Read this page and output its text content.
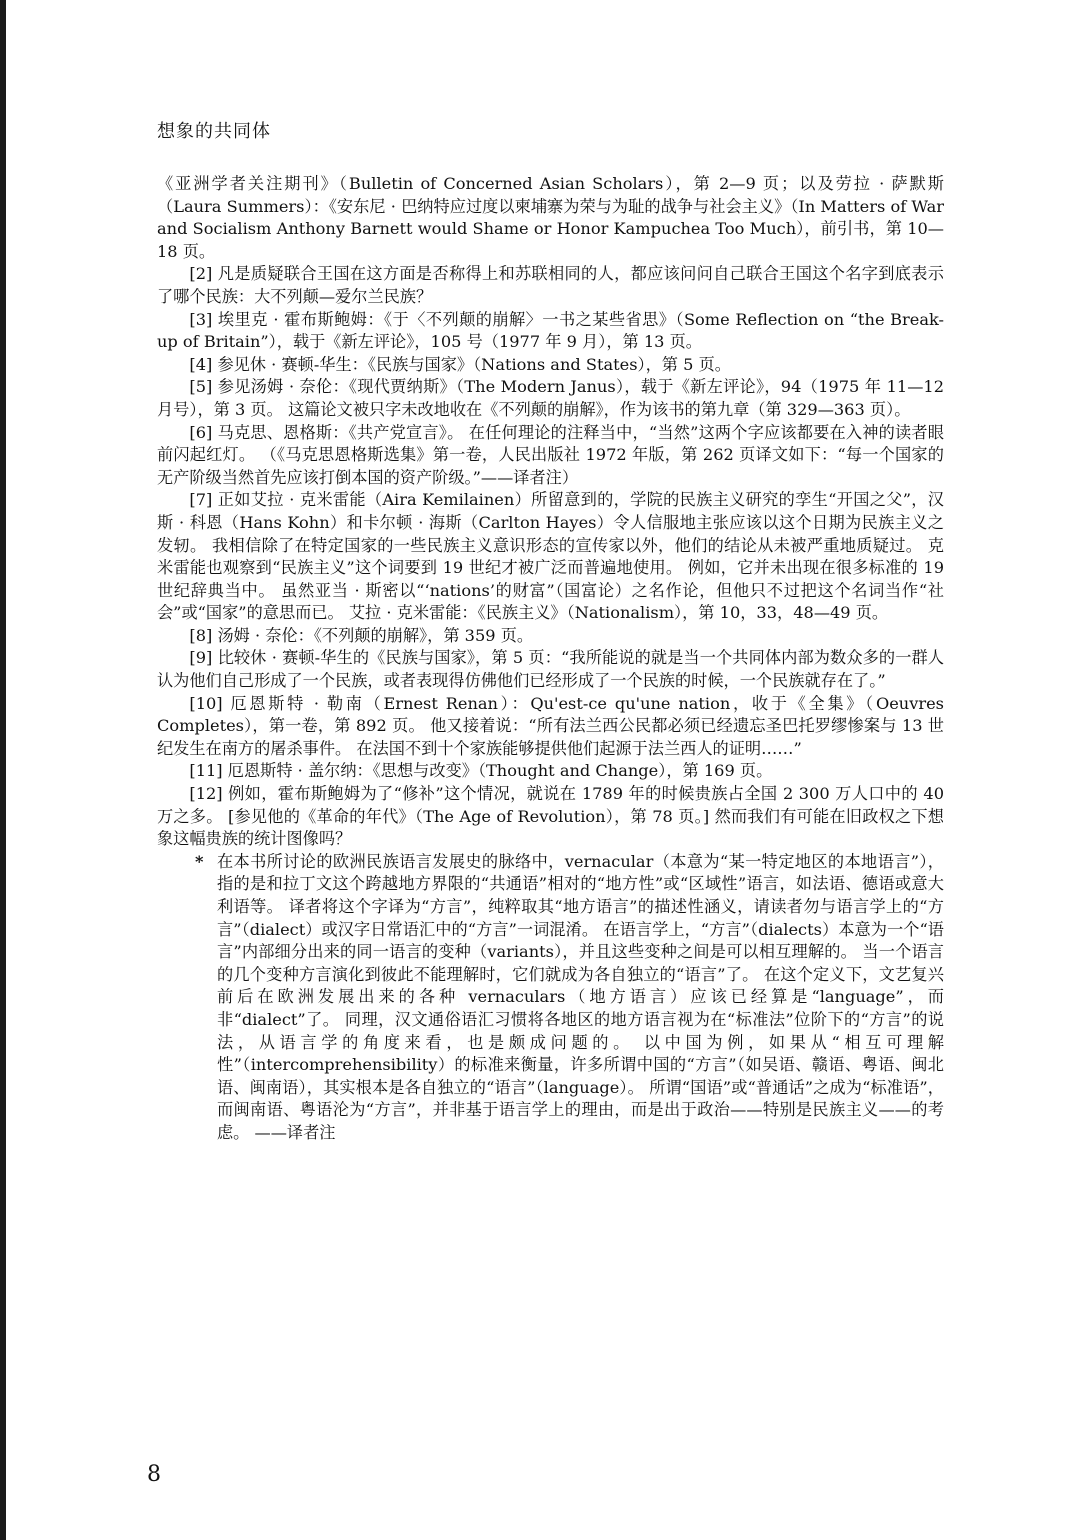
想象的共同体

《亚洲学者关注期刊》（Bulletin of Concerned Asian Scholars），第 2—9 页；以及劳拉 · 萨默斯（Laura Summers）：《安东尼 · 巴纳特应过度以柬埔寨为荣与为耻的战争与社会主义》（In Matters of War and Socialism Anthony Barnett would Shame or Honor Kampuchea Too Much），前引书，第 10—18 页。

[2] 凡是质疑联合王国在这方面是否称得上和苏联相同的人，都应该问问自己联合王国这个名字到底表示了哪个民族：大不列颠—爱尔兰民族？

[3] 埃里克 · 霍布斯鲍姆：《于〈不列颠的崩解〉一书之某些省思》（Some Reflection on “the Break-up of Britain”），载于《新左评论》，105 号（1977 年 9 月），第 13 页。

[4] 参见休 · 赛顿-华生：《民族与国家》（Nations and States），第 5 页。

[5] 参见汤姆 · 奈伦：《现代贾纳斯》（The Modern Janus），载于《新左评论》，94（1975 年 11—12 月号），第 3 页。 这篇论文被只字未改地收在《不列颠的崩解》，作为该书的第九章（第 329—363 页）。

[6] 马克思、恩格斯：《共产党宣言》。 在任何理论的注释当中，“当然”这两个字应该都要在入神的读者眼前闪起红灯。 （《马克思恩格斯选集》第一卷，人民出版社 1972 年版，第 262 页译文如下：“每一个国家的无产阶级当然首先应该打倒本国的资产阶级。”——译者注）

[7] 正如艾拉 · 克米雷能（Aira Kemilainen）所留意到的，学院的民族主义研究的孪生“开国之父”，汉斯 · 科恩（Hans Kohn）和卡尔顿 · 海斯（Carlton Hayes）令人信服地主张应该以这个日期为民族主义之发轫。 我相信除了在特定国家的一些民族主义意识形态的宣传家以外，他们的结论从未被严重地质疑过。 克米雷能也观察到“民族主义”这个词要到 19 世纪才被广泛而普遍地使用。 例如，它并未出现在很多标准的 19 世纪辞典当中。 虽然亚当 · 斯密以“‘nations’的财富”（国富论）之名作论，但他只不过把这个名词当作“社会”或“国家”的意思而已。 艾拉 · 克米雷能：《民族主义》（Nationalism），第 10，33，48—49 页。

[8] 汤姆 · 奈伦：《不列颠的崩解》，第 359 页。

[9] 比较休 · 赛顿-华生的《民族与国家》，第 5 页：“我所能说的就是当一个共同体内部为数众多的一群人认为他们自己形成了一个民族，或者表现得仿佛他们已经形成了一个民族的时候，一个民族就存在了。”

[10] 厄恩斯特 · 勒南（Ernest Renan）：Qu'est-ce qu'une nation，收于《全集》（Oeuvres Completes），第一卷，第 892 页。 他又接着说：“所有法兰西公民都必须已经遗忘圣巴托罗缪惨案与 13 世纪发生在南方的屠杀事件。 在法国不到十个家族能够提供他们起源于法兰西人的证明……”

[11] 厄恩斯特 · 盖尔纳：《思想与改变》（Thought and Change），第 169 页。

[12] 例如，霍布斯鲍姆为了“修补”这个情况，就说在 1789 年的时候贵族占全国 2 300 万人口中的 40 万之多。 [参见他的《革命的年代》（The Age of Revolution），第 78 页。] 然而我们有可能在旧政权之下想象这幅贵族的统计图像吗？

* 在本书所讨论的欧洲民族语言发展史的脉络中，vernacular（本意为“某一特定地区的本地语言”），指的是和拉丁文这个跨越地方界限的“共通语”相对的“地方性”或“区域性”语言，如法语、德语或意大利语等。 译者将这个字译为“方言”，纯粹取其“地方语言”的描述性涵义，请读者勿与语言学上的“方言”（dialect）或汉字日常语汇中的“方言”一词混淆。 在语言学上，“方言”（dialects）本意为一个“语言”内部细分出来的同一语言的变种（variants），并且这些变种之间是可以相互理解的。 当一个语言的几个变种方言演化到彼此不能理解时，它们就成为各自独立的“语言”了。 在这个定义下，文艺复兴前后在欧洲发展出来的各种 vernaculars（地方语言）应该已经算是“language”，而非“dialect”了。 同理，汉文通俗语汇习惯将各地区的地方语言视为在“标准法”位阶下的“方言”的说法，从语言学的角度来看，也是颇成问题的。 以中国为例，如果从“相互可理解性”（intercomprehensibility）的标准来衡量，许多所谓中国的“方言”（如吴语、赣语、粤语、闽北语、闽南语），其实根本是各自独立的“语言”（language）。 所谓“国语”或“普通话”之成为“标准语”，而闽南语、粤语沦为“方言”，并非基于语言学上的理由，而是出于政治——特别是民族主义——的考虑。 ——译者注

8
